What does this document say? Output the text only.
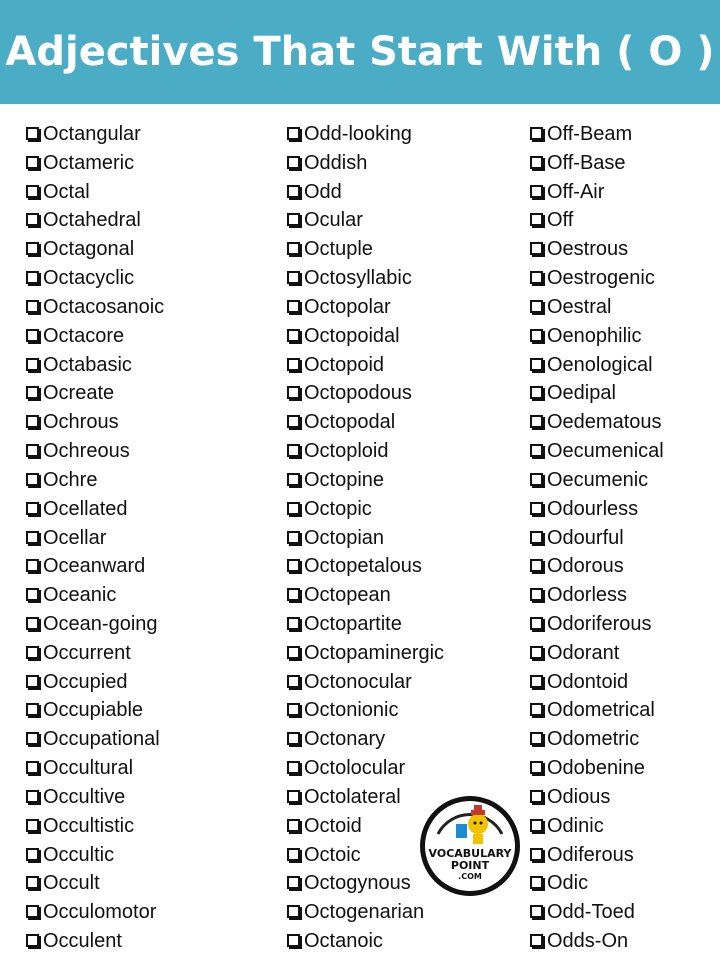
Adjectives That Start With ( O )
Octangular
Octameric
Octal
Octahedral
Octagonal
Octacyclic
Octacosanoic
Octacore
Octabasic
Ocreate
Ochrous
Ochreous
Ochre
Ocellated
Ocellar
Oceanward
Oceanic
Ocean-going
Occurrent
Occupied
Occupiable
Occupational
Occultural
Occultive
Occultistic
Occultic
Occult
Occulomotor
Occulent
Odd-looking
Oddish
Odd
Ocular
Octuple
Octosyllabic
Octopolar
Octopoidal
Octopoid
Octopodous
Octopodal
Octoploid
Octopine
Octopic
Octopian
Octopetalous
Octopean
Octopartite
Octopaminergic
Octonocular
Octonionic
Octonary
Octolocular
Octolateral
Octoid
Octoic
Octogynous
Octogenarian
Octanoic
Off-Beam
Off-Base
Off-Air
Off
Oestrous
Oestrogenic
Oestral
Oenophilic
Oenological
Oedipal
Oedematous
Oecumenical
Oecumenic
Odourless
Odourful
Odorous
Odorless
Odoriferous
Odorant
Odontoid
Odometrical
Odometric
Odobenine
Odious
Odinic
Odiferous
Odic
Odd-Toed
Odds-On
VOCABULARY
POINT
.COM
